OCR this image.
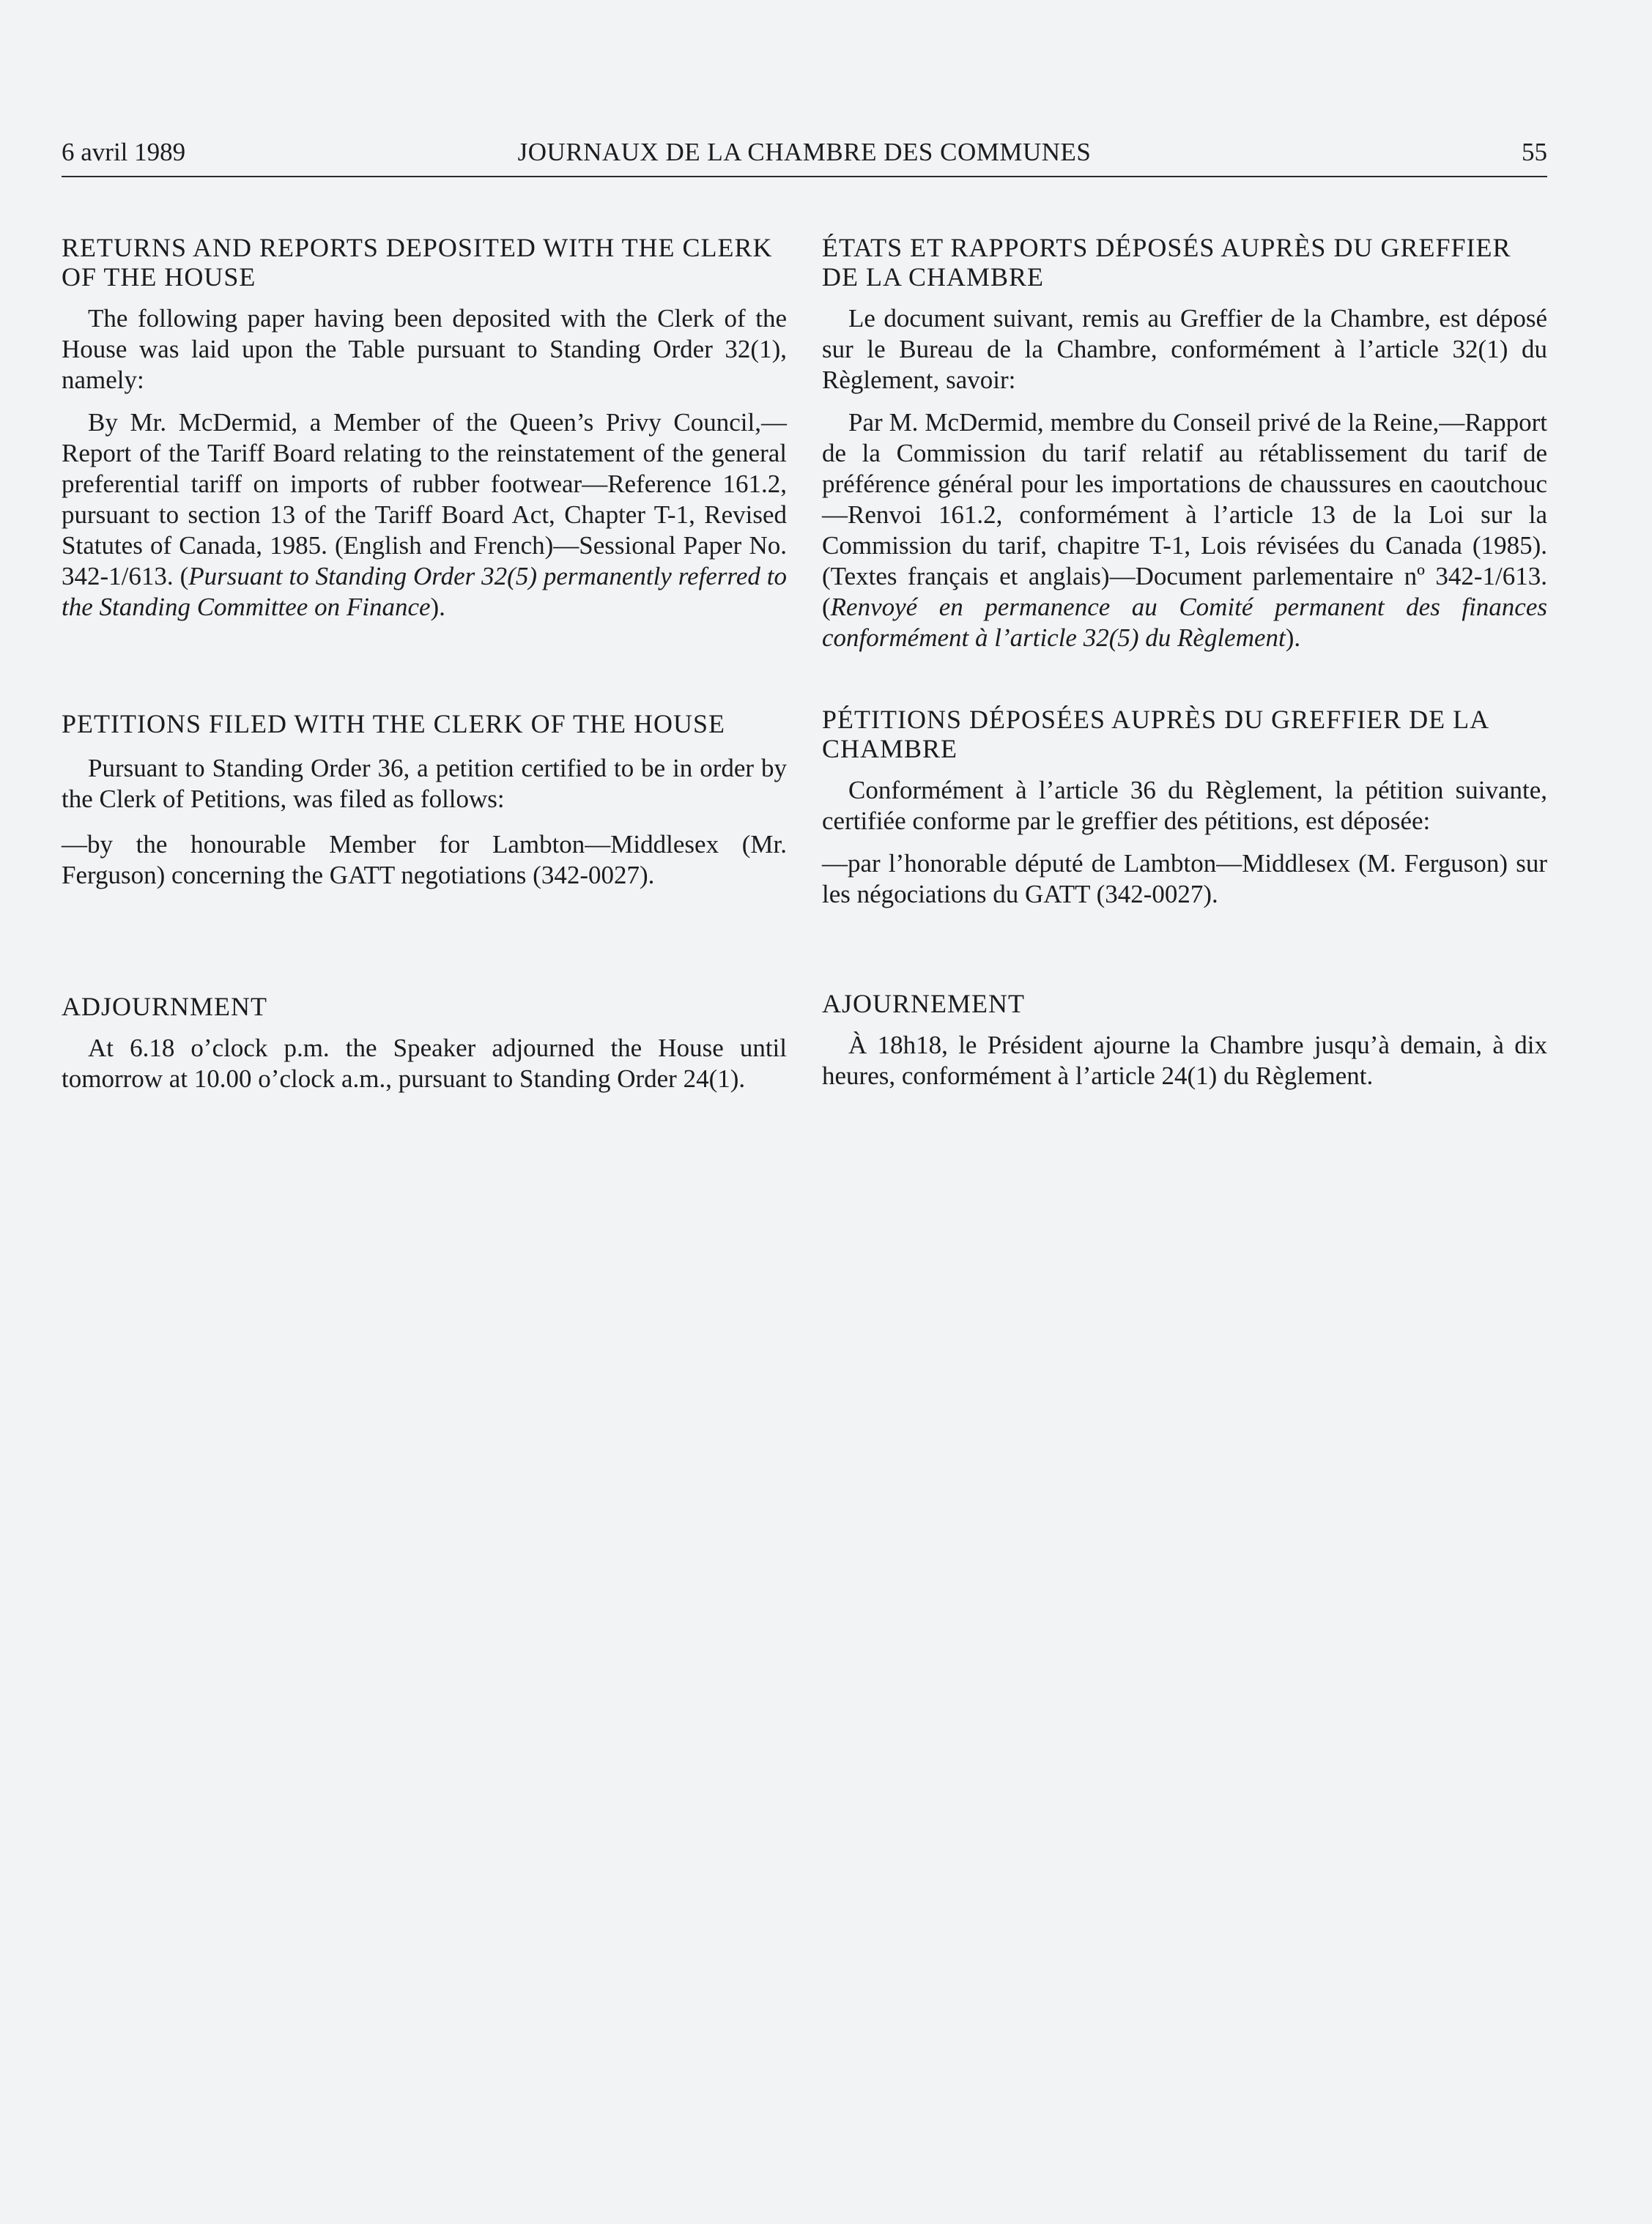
6 avril 1989	JOURNAUX DE LA CHAMBRE DES COMMUNES	55
RETURNS AND REPORTS DEPOSITED WITH THE CLERK OF THE HOUSE

The following paper having been deposited with the Clerk of the House was laid upon the Table pursuant to Standing Order 32(1), namely:

By Mr. McDermid, a Member of the Queen’s Privy Council,—Report of the Tariff Board relating to the reinstatement of the general preferential tariff on imports of rubber footwear—Reference 161.2, pursuant to section 13 of the Tariff Board Act, Chapter T-1, Revised Statutes of Canada, 1985. (English and French)—Sessional Paper No. 342-1/613. (Pursuant to Standing Order 32(5) permanently referred to the Standing Committee on Finance).

PETITIONS FILED WITH THE CLERK OF THE HOUSE

Pursuant to Standing Order 36, a petition certified to be in order by the Clerk of Petitions, was filed as follows:

—by the honourable Member for Lambton—Middlesex (Mr. Ferguson) concerning the GATT negotiations (342-0027).

ADJOURNMENT

At 6.18 o’clock p.m. the Speaker adjourned the House until tomorrow at 10.00 o’clock a.m., pursuant to Standing Order 24(1).

ÉTATS ET RAPPORTS DÉPOSÉS AUPRÈS DU GREFFIER DE LA CHAMBRE

Le document suivant, remis au Greffier de la Chambre, est déposé sur le Bureau de la Chambre, conformément à l’article 32(1) du Règlement, savoir:

Par M. McDermid, membre du Conseil privé de la Reine,—Rapport de la Commission du tarif relatif au rétablissement du tarif de préférence général pour les importations de chaussures en caoutchouc—Renvoi 161.2, conformément à l’article 13 de la Loi sur la Commission du tarif, chapitre T-1, Lois révisées du Canada (1985). (Textes français et anglais)—Document parlementaire nº 342-1/613. (Renvoyé en permanence au Comité permanent des finances conformément à l’article 32(5) du Règlement).

PÉTITIONS DÉPOSÉES AUPRÈS DU GREFFIER DE LA CHAMBRE

Conformément à l’article 36 du Règlement, la pétition suivante, certifiée conforme par le greffier des pétitions, est déposée:

—par l’honorable député de Lambton—Middlesex (M. Ferguson) sur les négociations du GATT (342-0027).

AJOURNEMENT

À 18h18, le Président ajourne la Chambre jusqu’à demain, à dix heures, conformément à l’article 24(1) du Règlement.
